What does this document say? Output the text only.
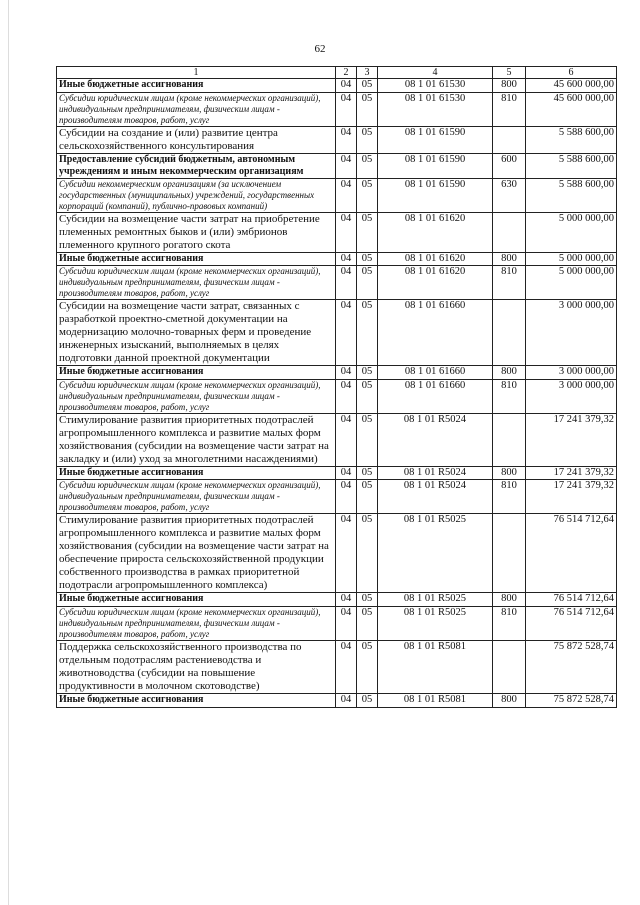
62
1	2	3	4	5	6
Иные бюджетные ассигнования	04	05	08 1 01 61530	800	45 600 000,00
Субсидии юридическим лицам (кроме некоммерческих организаций), индивидуальным предпринимателям, физическим лицам - производителям товаров, работ, услуг	04	05	08 1 01 61530	810	45 600 000,00
Субсидии на создание и (или) развитие центра сельскохозяйственного консультирования	04	05	08 1 01 61590		5 588 600,00
Предоставление субсидий бюджетным, автономным учреждениям и иным некоммерческим организациям	04	05	08 1 01 61590	600	5 588 600,00
Субсидии некоммерческим организациям (за исключением государственных (муниципальных) учреждений, государственных корпораций (компаний), публично-правовых компаний)	04	05	08 1 01 61590	630	5 588 600,00
Субсидии на возмещение части затрат на приобретение племенных ремонтных быков и (или) эмбрионов племенного крупного рогатого скота	04	05	08 1 01 61620		5 000 000,00
Иные бюджетные ассигнования	04	05	08 1 01 61620	800	5 000 000,00
Субсидии юридическим лицам (кроме некоммерческих организаций), индивидуальным предпринимателям, физическим лицам - производителям товаров, работ, услуг	04	05	08 1 01 61620	810	5 000 000,00
Субсидии на возмещение части затрат, связанных с разработкой проектно-сметной документации на модернизацию молочно-товарных ферм и проведение инженерных изысканий, выполняемых в целях подготовки данной проектной документации	04	05	08 1 01 61660		3 000 000,00
Иные бюджетные ассигнования	04	05	08 1 01 61660	800	3 000 000,00
Субсидии юридическим лицам (кроме некоммерческих организаций), индивидуальным предпринимателям, физическим лицам - производителям товаров, работ, услуг	04	05	08 1 01 61660	810	3 000 000,00
Стимулирование развития приоритетных подотраслей агропромышленного комплекса и развитие малых форм хозяйствования (субсидии на возмещение части затрат на закладку и (или) уход за многолетними насаждениями)	04	05	08 1 01 R5024		17 241 379,32
Иные бюджетные ассигнования	04	05	08 1 01 R5024	800	17 241 379,32
Субсидии юридическим лицам (кроме некоммерческих организаций), индивидуальным предпринимателям, физическим лицам - производителям товаров, работ, услуг	04	05	08 1 01 R5024	810	17 241 379,32
Стимулирование развития приоритетных подотраслей агропромышленного комплекса и развитие малых форм хозяйствования (субсидии на возмещение части затрат на обеспечение прироста сельскохозяйственной продукции собственного производства в рамках приоритетной подотрасли агропромышленного комплекса)	04	05	08 1 01 R5025		76 514 712,64
Иные бюджетные ассигнования	04	05	08 1 01 R5025	800	76 514 712,64
Субсидии юридическим лицам (кроме некоммерческих организаций), индивидуальным предпринимателям, физическим лицам - производителям товаров, работ, услуг	04	05	08 1 01 R5025	810	76 514 712,64
Поддержка сельскохозяйственного производства по отдельным подотраслям растениеводства и животноводства (субсидии на повышение продуктивности в молочном скотоводстве)	04	05	08 1 01 R5081		75 872 528,74
Иные бюджетные ассигнования	04	05	08 1 01 R5081	800	75 872 528,74
